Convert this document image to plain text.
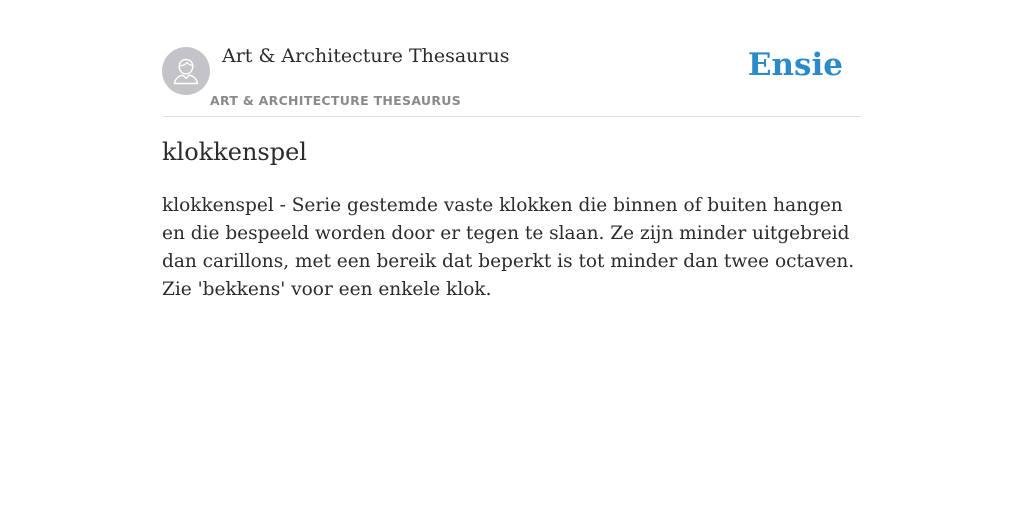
Art & Architecture Thesaurus
ART & ARCHITECTURE THESAURUS
Ensie
klokkenspel

klokkenspel - Serie gestemde vaste klokken die binnen of buiten hangen en die bespeeld worden door er tegen te slaan. Ze zijn minder uitgebreid dan carillons, met een bereik dat beperkt is tot minder dan twee octaven. Zie 'bekkens' voor een enkele klok.
